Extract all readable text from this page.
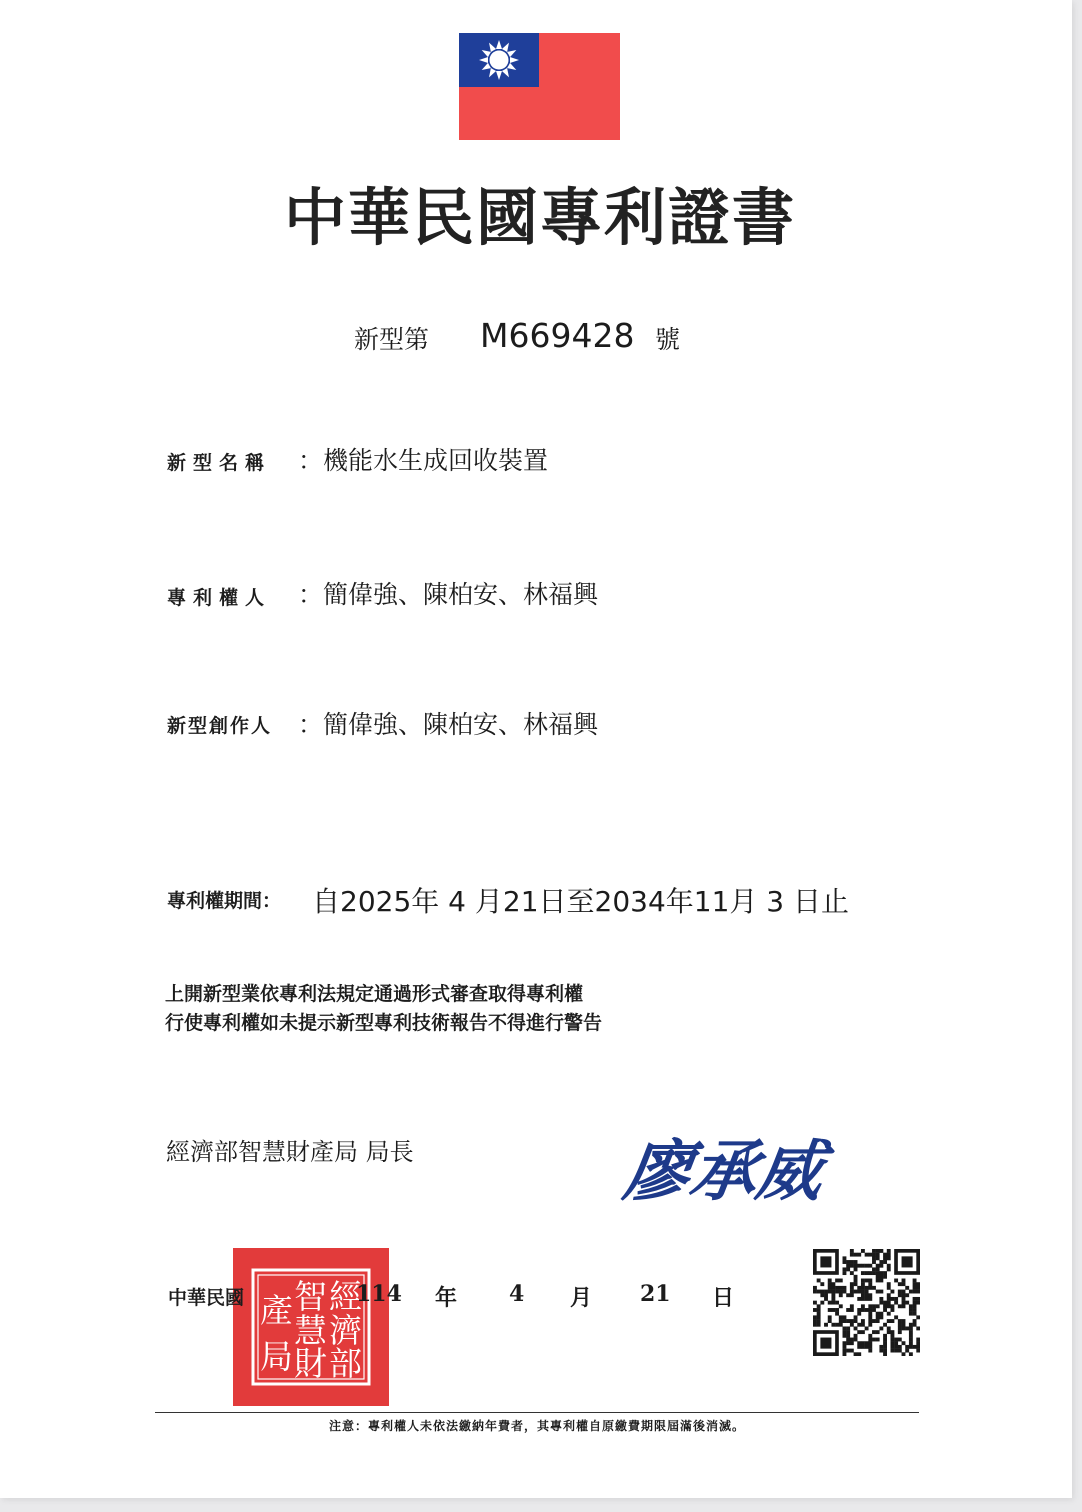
中華民國專利證書
新型第 M669428 號
新型名稱 ：機能水生成回收裝置
專利權人 ：簡偉強、陳柏安、林福興
新型創作人 ：簡偉強、陳柏安、林福興
專利權期間： 自2025年 4 月21日至2034年11月 3 日止
上開新型業依專利法規定通過形式審查取得專利權
行使專利權如未提示新型專利技術報告不得進行警告
經濟部智慧財產局 局長	廖承威
經
濟
部
智
慧
財
產
局
中華民國	114 年 4 月 21 日
注意：專利權人未依法繳納年費者，其專利權自原繳費期限屆滿後消滅。
